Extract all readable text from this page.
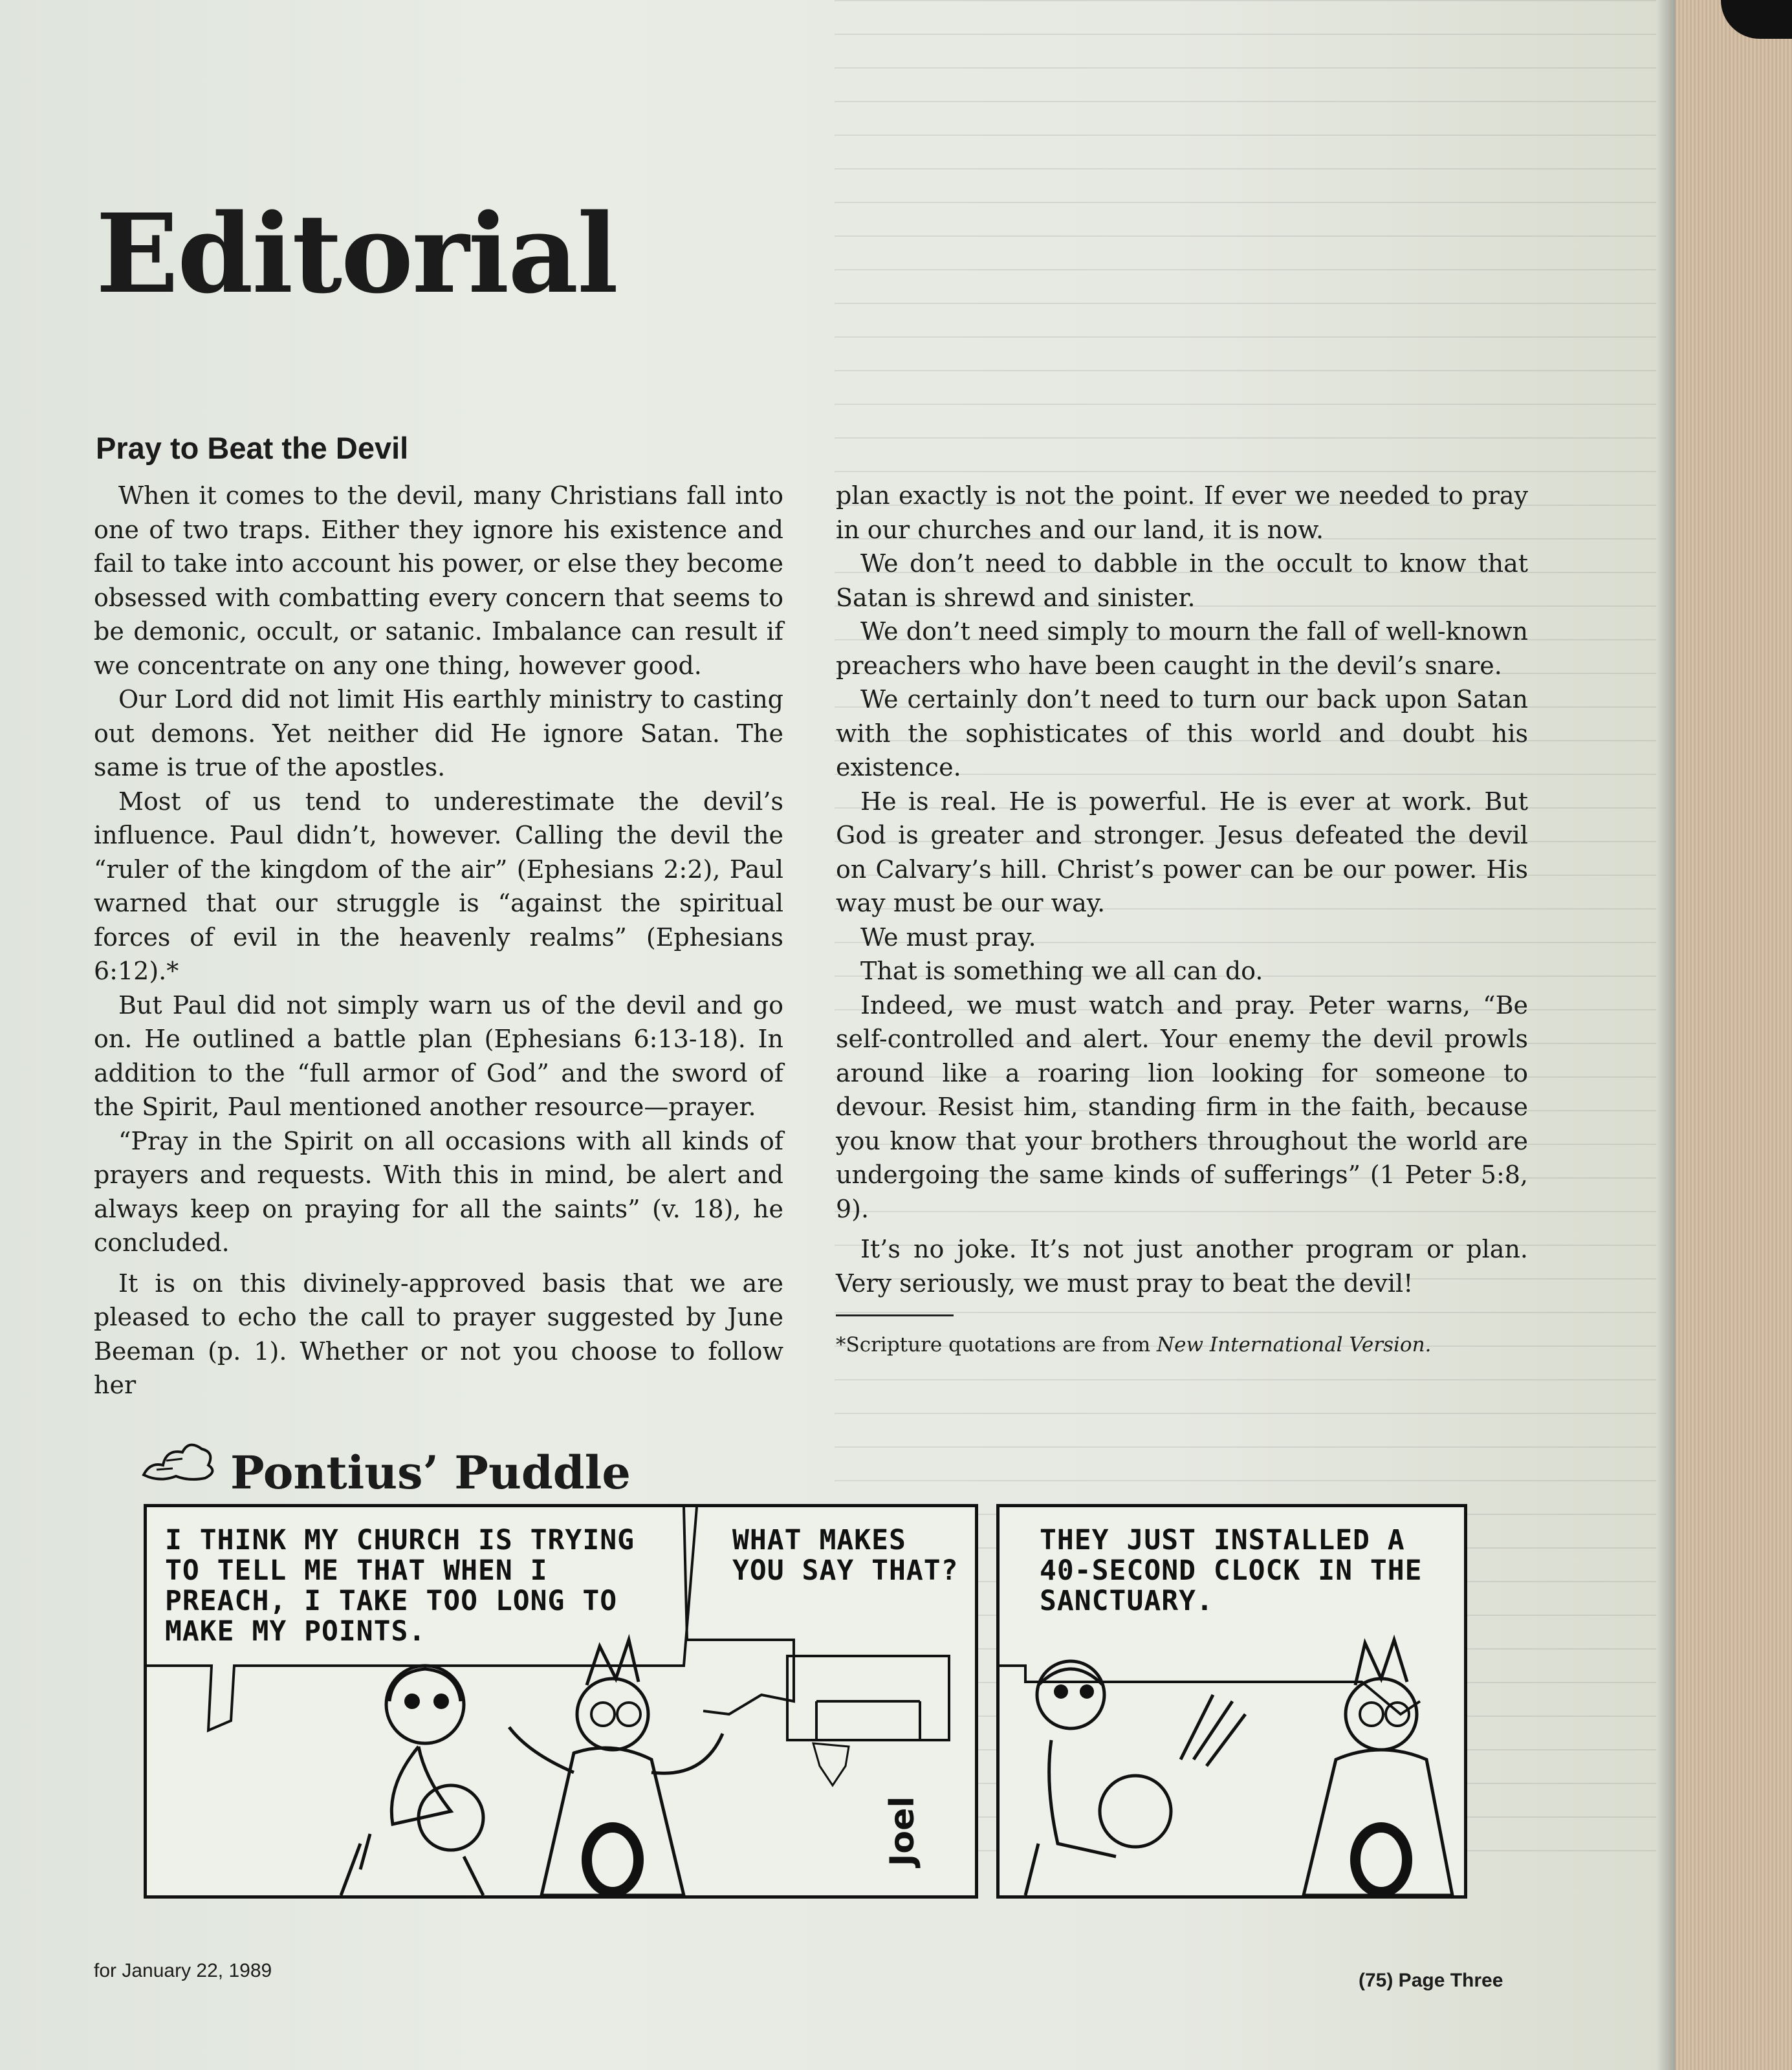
Editorial
Pray to Beat the Devil

When it comes to the devil, many Christians fall into one of two traps. Either they ignore his existence and fail to take into account his power, or else they become obsessed with combatting every concern that seems to be demonic, occult, or satanic. Imbalance can result if we concentrate on any one thing, however good.

Our Lord did not limit His earthly ministry to casting out demons. Yet neither did He ignore Satan. The same is true of the apostles.

Most of us tend to underestimate the devil’s influence. Paul didn’t, however. Calling the devil the “ruler of the kingdom of the air” (Ephesians 2:2), Paul warned that our struggle is “against the spiritual forces of evil in the heavenly realms” (Ephesians 6:12).*

But Paul did not simply warn us of the devil and go on. He outlined a battle plan (Ephesians 6:13-18). In addition to the “full armor of God” and the sword of the Spirit, Paul mentioned another resource—prayer.

“Pray in the Spirit on all occasions with all kinds of prayers and requests. With this in mind, be alert and always keep on praying for all the saints” (v. 18), he concluded.

It is on this divinely-approved basis that we are pleased to echo the call to prayer suggested by June Beeman (p. 1). Whether or not you choose to follow her

plan exactly is not the point. If ever we needed to pray in our churches and our land, it is now.

We don’t need to dabble in the occult to know that Satan is shrewd and sinister.

We don’t need simply to mourn the fall of well-known preachers who have been caught in the devil’s snare.

We certainly don’t need to turn our back upon Satan with the sophisticates of this world and doubt his existence.

He is real. He is powerful. He is ever at work. But God is greater and stronger. Jesus defeated the devil on Calvary’s hill. Christ’s power can be our power. His way must be our way.

We must pray.

That is something we all can do.

Indeed, we must watch and pray. Peter warns, “Be self-controlled and alert. Your enemy the devil prowls around like a roaring lion looking for someone to devour. Resist him, standing firm in the faith, because you know that your brothers throughout the world are undergoing the same kinds of sufferings” (1 Peter 5:8, 9).

It’s no joke. It’s not just another program or plan. Very seriously, we must pray to beat the devil!

*Scripture quotations are from New International Version.

Pontius’ Puddle
Joel
I THINK MY CHURCH IS TRYING TO TELL ME THAT WHEN I PREACH, I TAKE TOO LONG TO MAKE MY POINTS.
WHAT MAKES YOU SAY THAT?
THEY JUST INSTALLED A 40-SECOND CLOCK IN THE SANCTUARY.
for January 22, 1989	(75) Page Three
